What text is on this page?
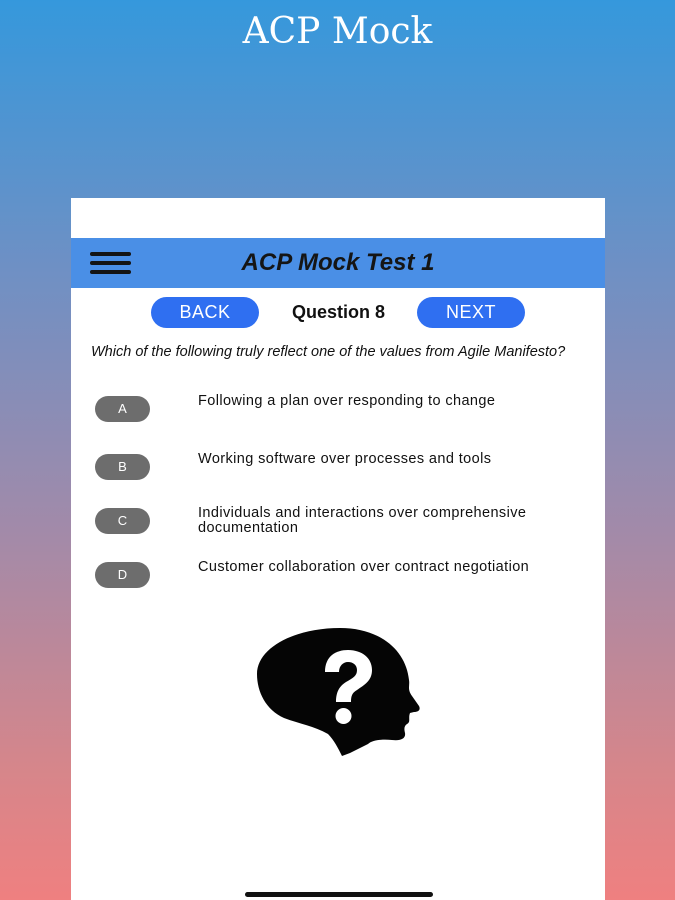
ACP Mock
ACP Mock Test 1
BACK	Question 8	NEXT
Which of the following truly reflect one of the values from Agile Manifesto?
A	Following a plan over responding to change
B	Working software over processes and tools
C	Individuals and interactions over comprehensive documentation
D	Customer collaboration over contract negotiation
